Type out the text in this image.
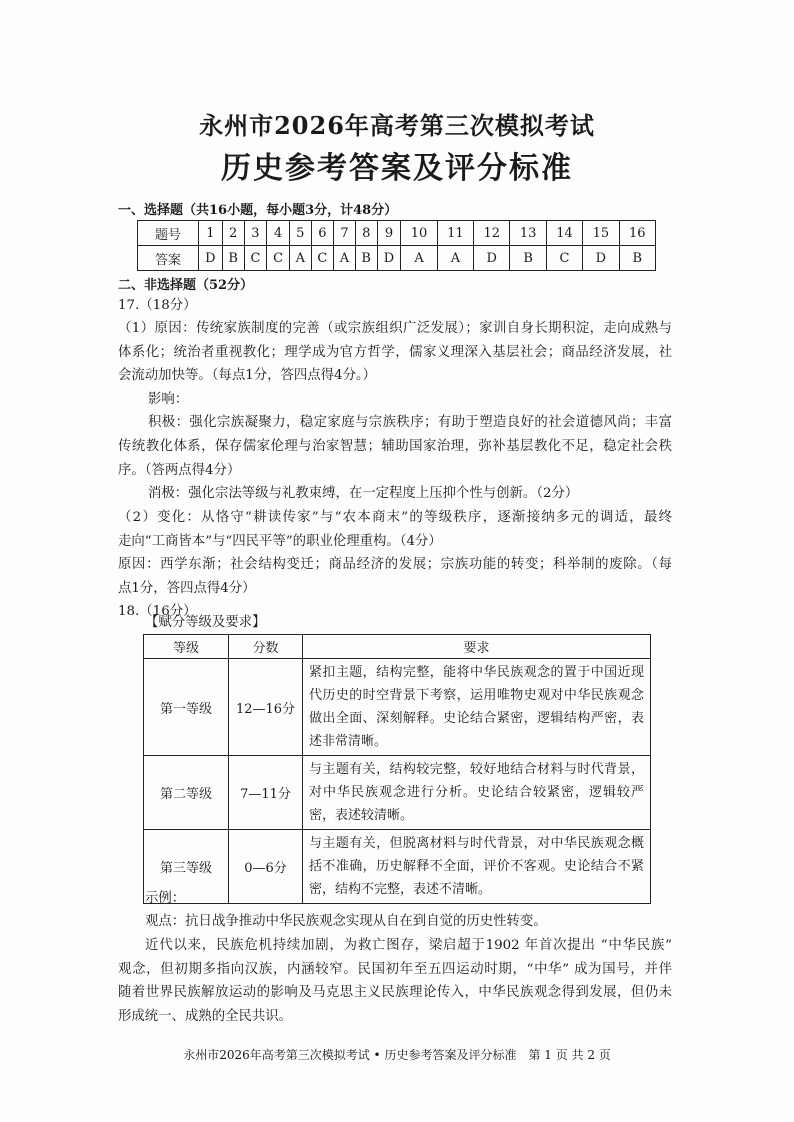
永州市2026年高考第三次模拟考试
历史参考答案及评分标准
一、选择题（共16小题，每小题3分，计48分）
题号	1	2	3	4	5	6	7	8	9	10	11	12	13	14	15	16
答案	D	B	C	C	A	C	A	B	D	A	A	D	B	C	D	B
二、非选择题（52分）
17.（18分）
（1）原因：传统家族制度的完善（或宗族组织广泛发展）；家训自身长期积淀，走向成熟与
体系化；统治者重视教化；理学成为官方哲学，儒家义理深入基层社会；商品经济发展，社
会流动加快等。（每点1分，答四点得4分。）
影响：
积极：强化宗族凝聚力，稳定家庭与宗族秩序；有助于塑造良好的社会道德风尚；丰富
传统教化体系，保存儒家伦理与治家智慧；辅助国家治理，弥补基层教化不足，稳定社会秩
序。（答两点得4分）
消极：强化宗法等级与礼教束缚，在一定程度上压抑个性与创新。（2分）
（2）变化：从恪守“耕读传家”与“农本商末”的等级秩序，逐渐接纳多元的调适，最终
走向“工商皆本”与“四民平等”的职业伦理重构。（4分）
原因：西学东渐；社会结构变迁；商品经济的发展；宗族功能的转变；科举制的废除。（每
点1分，答四点得4分）
18.（16分）
【赋分等级及要求】
等级	分数	要求
第一等级	12—16分	紧扣主题，结构完整，能将中华民族观念的置于中国近现代历史的时空背景下考察，运用唯物史观对中华民族观念做出全面、深刻解释。史论结合紧密，逻辑结构严密，表述非常清晰。
第二等级	7—11分	与主题有关，结构较完整，较好地结合材料与时代背景，对中华民族观念进行分析。史论结合较紧密，逻辑较严密，表述较清晰。
第三等级	0—6分	与主题有关，但脱离材料与时代背景，对中华民族观念概括不准确，历史解释不全面，评价不客观。史论结合不紧密，结构不完整，表述不清晰。
示例：
观点：抗日战争推动中华民族观念实现从自在到自觉的历史性转变。
近代以来，民族危机持续加剧，为救亡图存，梁启超于1902 年首次提出 “中华民族”
观念，但初期多指向汉族，内涵较窄。民国初年至五四运动时期，“中华” 成为国号，并伴
随着世界民族解放运动的影响及马克思主义民族理论传入，中华民族观念得到发展，但仍未
形成统一、成熟的全民共识。
永州市2026年高考第三次模拟考试 • 历史参考答案及评分标准　第 1 页 共 2 页
